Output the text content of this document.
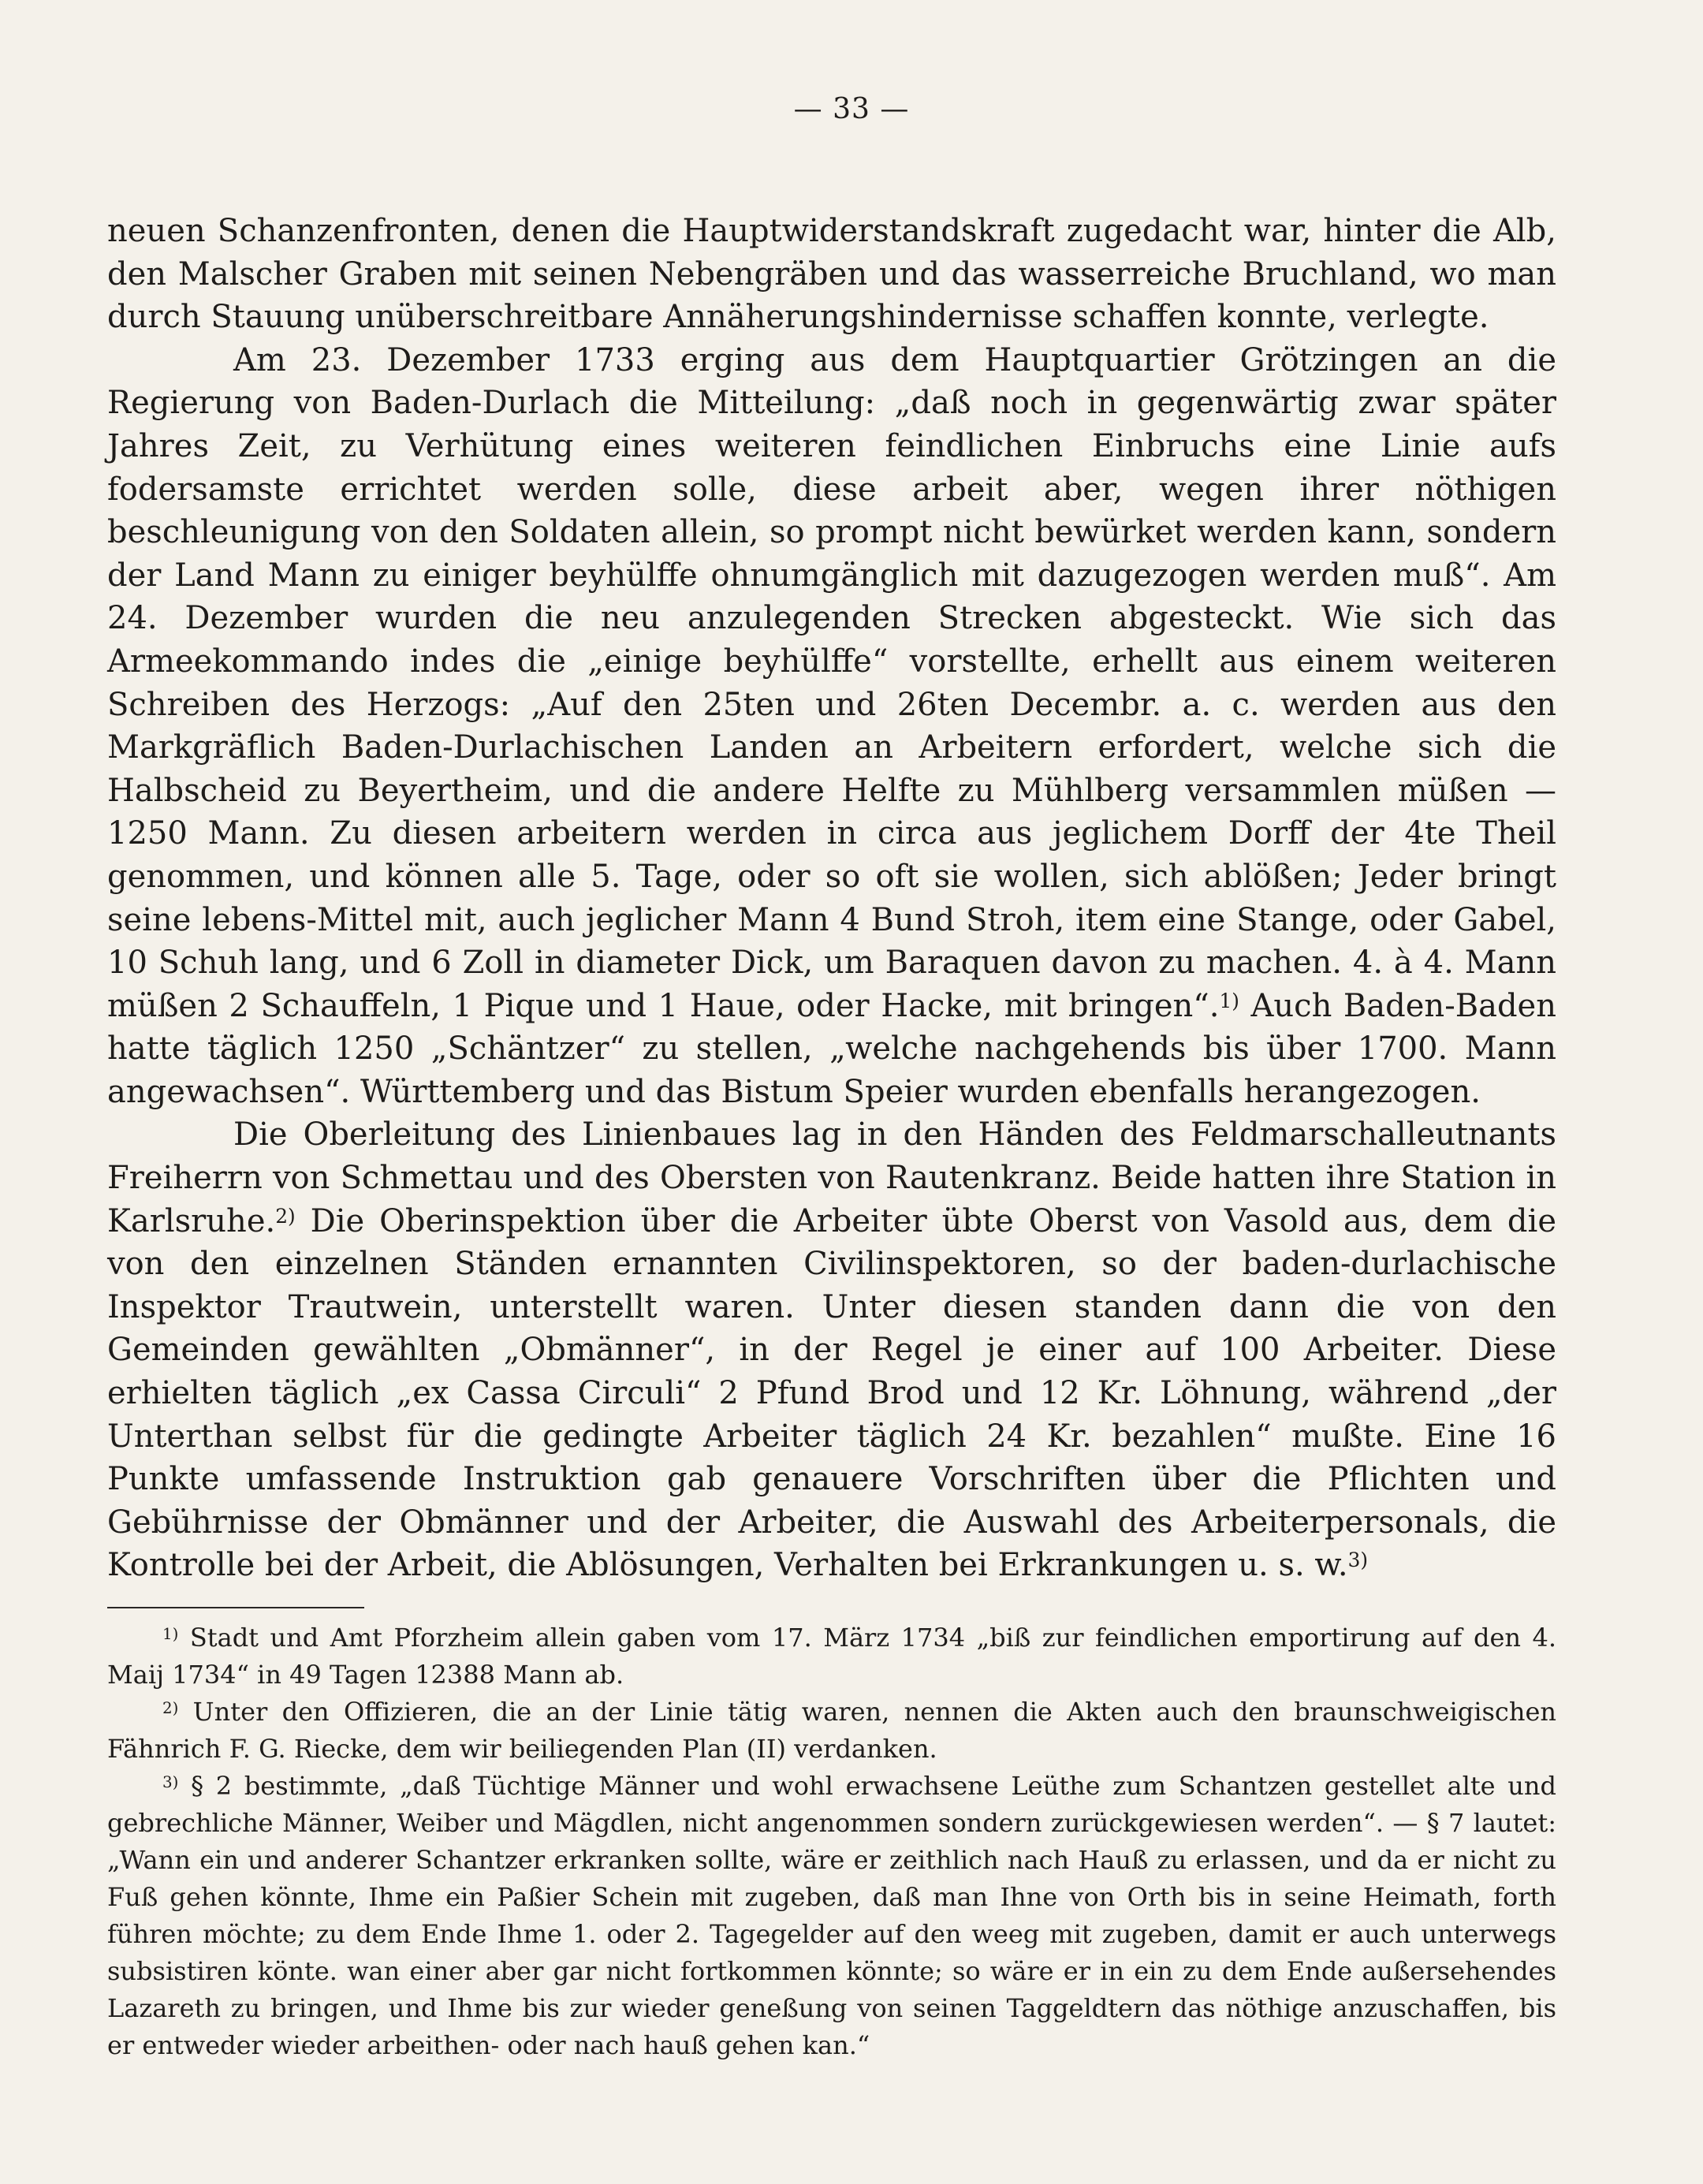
— 33 —

neuen Schanzenfronten, denen die Hauptwiderstandskraft zugedacht war, hinter die Alb, den Malscher Graben mit seinen Nebengräben und das wasserreiche Bruchland, wo man durch Stauung unüberschreitbare Annäherungshindernisse schaffen konnte, verlegte.

Am 23. Dezember 1733 erging aus dem Hauptquartier Grötzingen an die Regierung von Baden-Durlach die Mitteilung: „daß noch in gegenwärtig zwar später Jahres Zeit, zu Verhütung eines weiteren feindlichen Einbruchs eine Linie aufs fodersamste errichtet werden solle, diese arbeit aber, wegen ihrer nöthigen beschleunigung von den Soldaten allein, so prompt nicht bewürket werden kann, sondern der Land Mann zu einiger beyhülffe ohnumgänglich mit dazugezogen werden muß“. Am 24. Dezember wurden die neu anzulegenden Strecken abgesteckt. Wie sich das Armeekommando indes die „einige beyhülffe“ vorstellte, erhellt aus einem weiteren Schreiben des Herzogs: „Auf den 25ten und 26ten Decembr. a. c. werden aus den Markgräflich Baden-Durlachischen Landen an Arbeitern erfordert, welche sich die Halbscheid zu Beyertheim, und die andere Helfte zu Mühlberg versammlen müßen — 1250 Mann. Zu diesen arbeitern werden in circa aus jeglichem Dorff der 4te Theil genommen, und können alle 5. Tage, oder so oft sie wollen, sich ablößen; Jeder bringt seine lebens-Mittel mit, auch jeglicher Mann 4 Bund Stroh, item eine Stange, oder Gabel, 10 Schuh lang, und 6 Zoll in diameter Dick, um Baraquen davon zu machen. 4. à 4. Mann müßen 2 Schauffeln, 1 Pique und 1 Haue, oder Hacke, mit bringen“.$^{1)}$ Auch Baden-Baden hatte täglich 1250 „Schäntzer“ zu stellen, „welche nachgehends bis über 1700. Mann angewachsen“. Württemberg und das Bistum Speier wurden ebenfalls herangezogen.

Die Oberleitung des Linienbaues lag in den Händen des Feldmarschalleutnants Freiherrn von Schmettau und des Obersten von Rautenkranz. Beide hatten ihre Station in Karlsruhe.$^{2)}$ Die Oberinspektion über die Arbeiter übte Oberst von Vasold aus, dem die von den einzelnen Ständen ernannten Civilinspektoren, so der baden-durlachische Inspektor Trautwein, unterstellt waren. Unter diesen standen dann die von den Gemeinden gewählten „Obmänner“, in der Regel je einer auf 100 Arbeiter. Diese erhielten täglich „ex Cassa Circuli“ 2 Pfund Brod und 12 Kr. Löhnung, während „der Unterthan selbst für die gedingte Arbeiter täglich 24 Kr. bezahlen“ mußte. Eine 16 Punkte umfassende Instruktion gab genauere Vorschriften über die Pflichten und Gebührnisse der Obmänner und der Arbeiter, die Auswahl des Arbeiterpersonals, die Kontrolle bei der Arbeit, die Ablösungen, Verhalten bei Erkrankungen u. s. w.$^{3)}$

$^{1)}$ Stadt und Amt Pforzheim allein gaben vom 17. März 1734 „biß zur feindlichen emportirung auf den 4. Maij 1734“ in 49 Tagen 12388 Mann ab.

$^{2)}$ Unter den Offizieren, die an der Linie tätig waren, nennen die Akten auch den braunschweigischen Fähnrich F. G. Riecke, dem wir beiliegenden Plan (II) verdanken.

$^{3)}$ § 2 bestimmte, „daß Tüchtige Männer und wohl erwachsene Leüthe zum Schantzen gestellet alte und gebrechliche Männer, Weiber und Mägdlen, nicht angenommen sondern zurückgewiesen werden“. — § 7 lautet: „Wann ein und anderer Schantzer erkranken sollte, wäre er zeithlich nach Hauß zu erlassen, und da er nicht zu Fuß gehen könnte, Ihme ein Paßier Schein mit zugeben, daß man Ihne von Orth bis in seine Heimath, forth führen möchte; zu dem Ende Ihme 1. oder 2. Tagegelder auf den weeg mit zugeben, damit er auch unterwegs subsistiren könte. wan einer aber gar nicht fortkommen könnte; so wäre er in ein zu dem Ende außersehendes Lazareth zu bringen, und Ihme bis zur wieder geneßung von seinen Taggeldtern das nöthige anzuschaffen, bis er entweder wieder arbeithen- oder nach hauß gehen kan.“
